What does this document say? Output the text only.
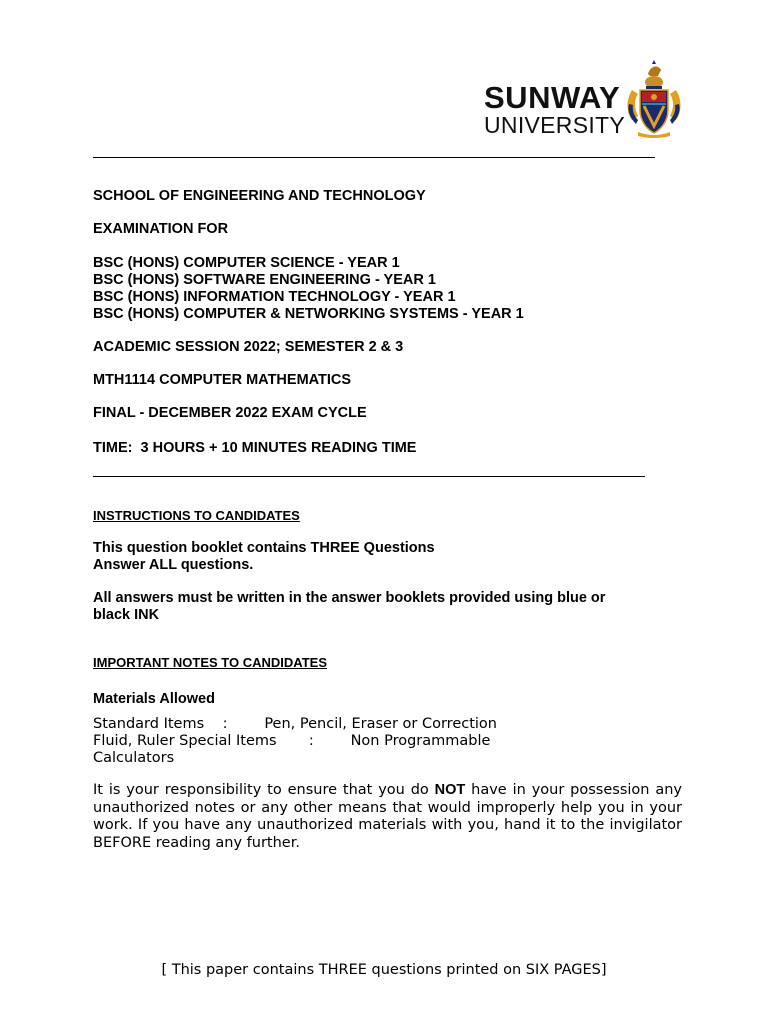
SUNWAY
UNIVERSITY
SCHOOL OF ENGINEERING AND TECHNOLOGY
EXAMINATION FOR
BSC (HONS) COMPUTER SCIENCE - YEAR 1
BSC (HONS) SOFTWARE ENGINEERING - YEAR 1
BSC (HONS) INFORMATION TECHNOLOGY - YEAR 1
BSC (HONS) COMPUTER & NETWORKING SYSTEMS - YEAR 1
ACADEMIC SESSION 2022; SEMESTER 2 & 3
MTH1114 COMPUTER MATHEMATICS
FINAL - DECEMBER 2022 EXAM CYCLE
TIME:  3 HOURS + 10 MINUTES READING TIME
INSTRUCTIONS TO CANDIDATES
This question booklet contains THREE Questions
Answer ALL questions.
All answers must be written in the answer booklets provided using blue or
black INK
IMPORTANT NOTES TO CANDIDATES
Materials Allowed
Standard Items    :        Pen, Pencil, Eraser or Correction
Fluid, Ruler Special Items       :        Non Programmable
Calculators
It is your responsibility to ensure that you do NOT have in your possession any unauthorized notes or any other means that would improperly help you in your work. If you have any unauthorized materials with you, hand it to the invigilator BEFORE reading any further.
[ This paper contains THREE questions printed on SIX PAGES]
